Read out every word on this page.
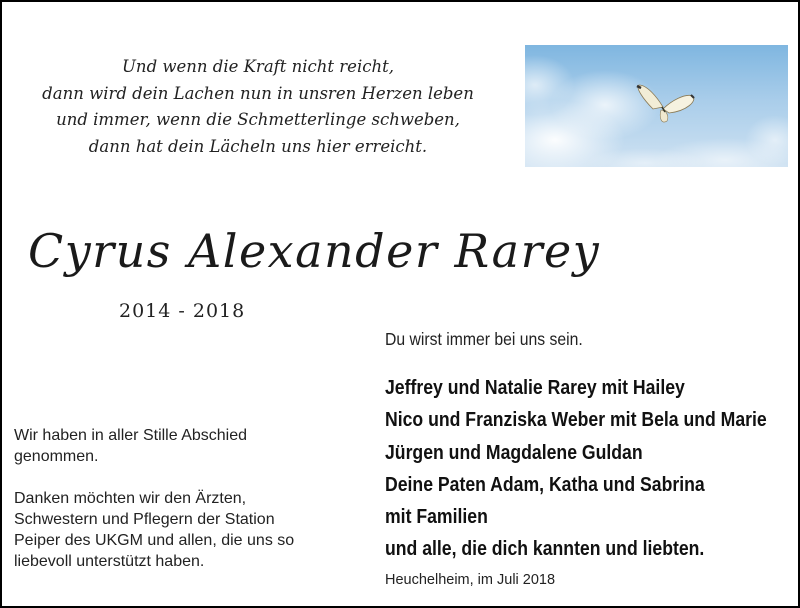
Und wenn die Kraft nicht reicht,
dann wird dein Lachen nun in unsren Herzen leben
und immer, wenn die Schmetterlinge schweben,
dann hat dein Lächeln uns hier erreicht.
Cyrus Alexander Rarey
2014 - 2018
Du wirst immer bei uns sein.
Jeffrey und Natalie Rarey mit Hailey
Nico und Franziska Weber mit Bela und Marie
Jürgen und Magdalene Guldan
Deine Paten Adam, Katha und Sabrina
mit Familien
und alle, die dich kannten und liebten.
Wir haben in aller Stille Abschied
genommen.
Danken möchten wir den Ärzten,
Schwestern und Pflegern der Station
Peiper des UKGM und allen, die uns so
liebevoll unterstützt haben.
Heuchelheim, im Juli 2018
